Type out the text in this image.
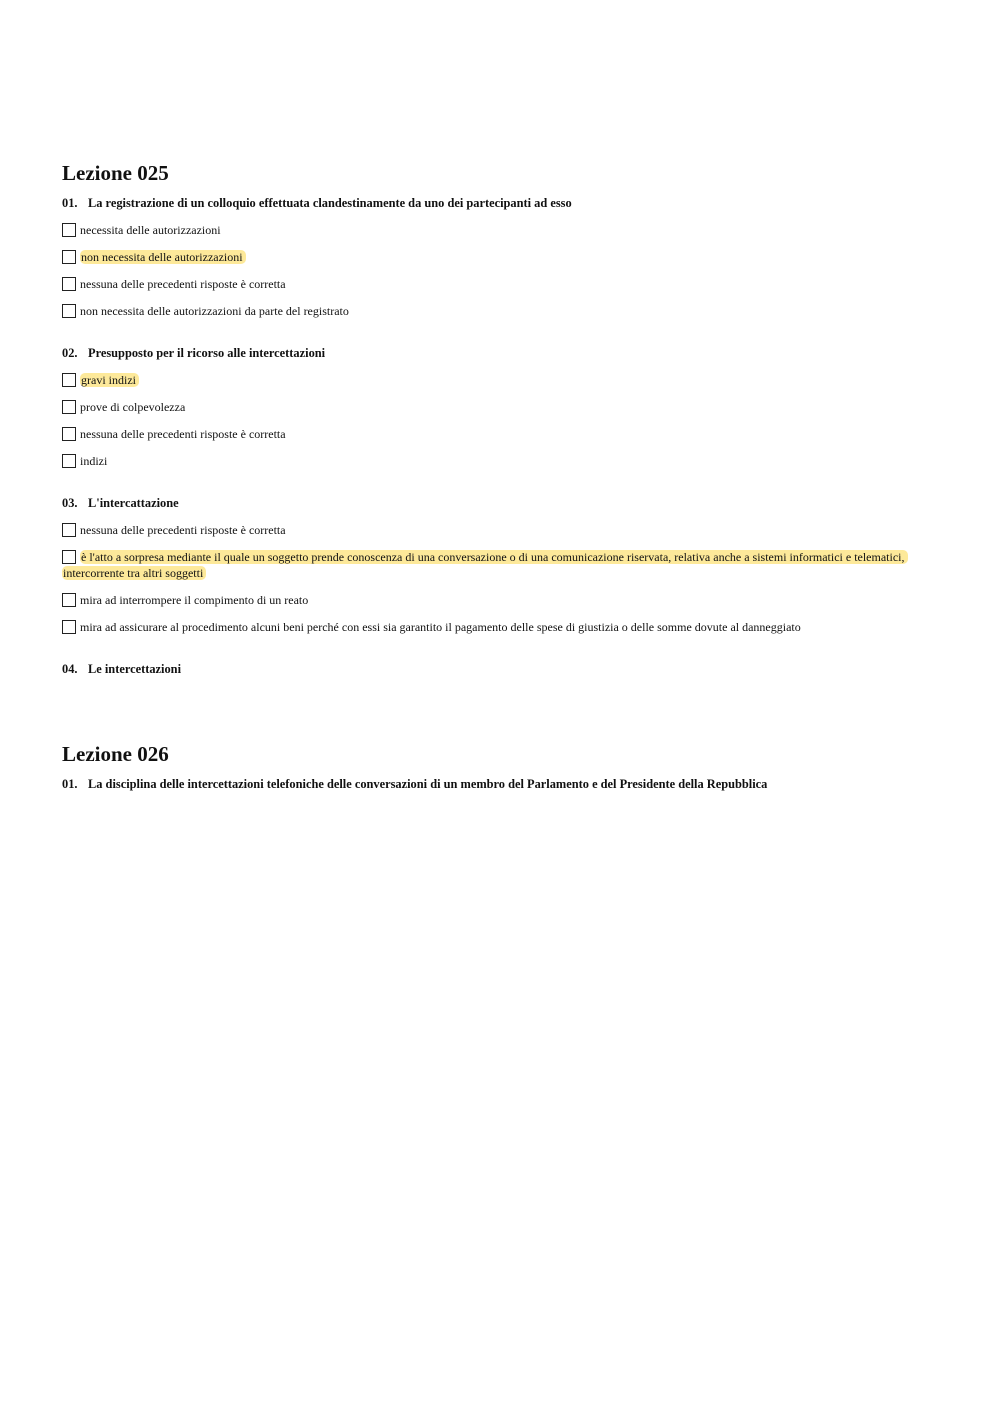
Lezione 025
01. La registrazione di un colloquio effettuata clandestinamente da uno dei partecipanti ad esso
necessita delle autorizzazioni
non necessita delle autorizzazioni
nessuna delle precedenti risposte è corretta
non necessita delle autorizzazioni da parte del registrato
02. Presupposto per il ricorso alle intercettazioni
gravi indizi
prove di colpevolezza
nessuna delle precedenti risposte è corretta
indizi
03. L'intercattazione
nessuna delle precedenti risposte è corretta
è l'atto a sorpresa mediante il quale un soggetto prende conoscenza di una conversazione o di una comunicazione riservata, relativa anche a sistemi informatici e telematici, intercorrente tra altri soggetti
mira ad interrompere il compimento di un reato
mira ad assicurare al procedimento alcuni beni perché con essi sia garantito il pagamento delle spese di giustizia o delle somme dovute al danneggiato
04. Le intercettazioni
Lezione 026
01. La disciplina delle intercettazioni telefoniche delle conversazioni di un membro del Parlamento e del Presidente della Repubblica
